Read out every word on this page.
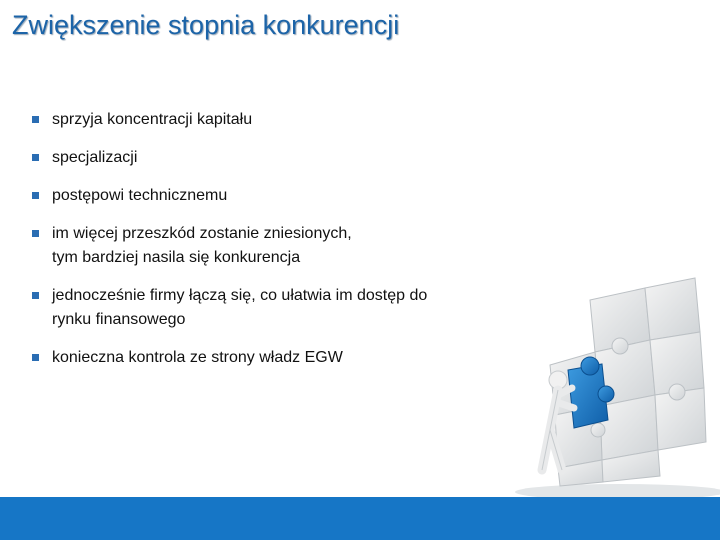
Zwiększenie stopnia konkurencji
sprzyja koncentracji kapitału
specjalizacji
postępowi technicznemu
im więcej przeszkód zostanie zniesionych,
tym bardziej nasila się konkurencja
jednocześnie firmy łączą się, co ułatwia im dostęp do
rynku finansowego
konieczna kontrola ze strony władz EGW
